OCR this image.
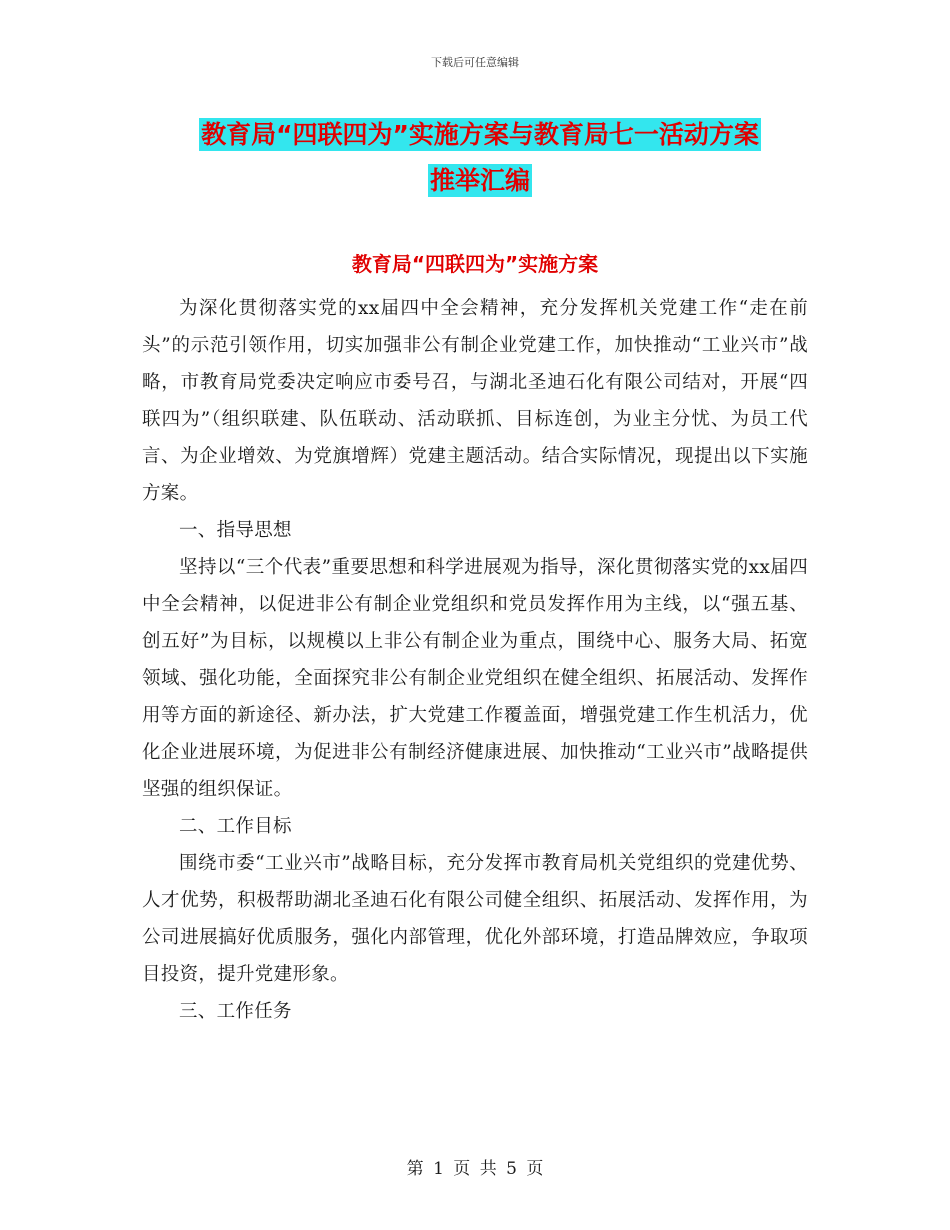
下载后可任意编辑
教育局“四联四为”实施方案与教育局七一活动方案
推举汇编
教育局“四联四为”实施方案

为深化贯彻落实党的xx届四中全会精神，充分发挥机关党建工作“走在前头”的示范引领作用，切实加强非公有制企业党建工作，加快推动“工业兴市”战略，市教育局党委决定响应市委号召，与湖北圣迪石化有限公司结对，开展“四联四为”（组织联建、队伍联动、活动联抓、目标连创，为业主分忧、为员工代言、为企业增效、为党旗增辉）党建主题活动。结合实际情况，现提出以下实施方案。

一、指导思想

坚持以“三个代表”重要思想和科学进展观为指导，深化贯彻落实党的xx届四中全会精神，以促进非公有制企业党组织和党员发挥作用为主线，以“强五基、创五好”为目标，以规模以上非公有制企业为重点，围绕中心、服务大局、拓宽领域、强化功能，全面探究非公有制企业党组织在健全组织、拓展活动、发挥作用等方面的新途径、新办法，扩大党建工作覆盖面，增强党建工作生机活力，优化企业进展环境，为促进非公有制经济健康进展、加快推动“工业兴市”战略提供坚强的组织保证。

二、工作目标

围绕市委“工业兴市”战略目标，充分发挥市教育局机关党组织的党建优势、人才优势，积极帮助湖北圣迪石化有限公司健全组织、拓展活动、发挥作用，为公司进展搞好优质服务，强化内部管理，优化外部环境，打造品牌效应，争取项目投资，提升党建形象。

三、工作任务

第 1 页 共 5 页
